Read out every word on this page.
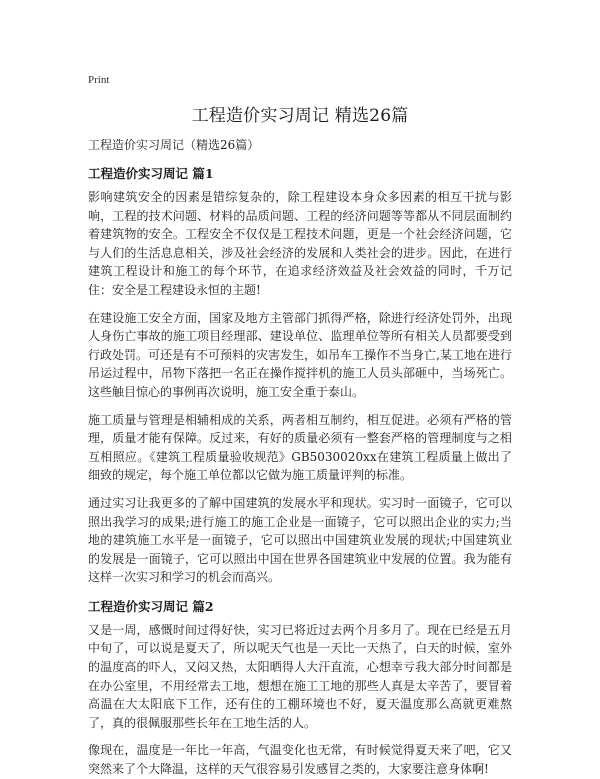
Print
工程造价实习周记 精选26篇
工程造价实习周记（精选26篇）
工程造价实习周记 篇1

影响建筑安全的因素是错综复杂的，除工程建设本身众多因素的相互干扰与影响，工程的技术问题、材料的品质问题、工程的经济问题等等都从不同层面制约着建筑物的安全。工程安全不仅仅是工程技术问题，更是一个社会经济问题，它与人们的生活息息相关，涉及社会经济的发展和人类社会的进步。因此，在进行建筑工程设计和施工的每个环节，在追求经济效益及社会效益的同时，千万记住：安全是工程建设永恒的主题!

在建设施工安全方面，国家及地方主管部门抓得严格，除进行经济处罚外，出现人身伤亡事故的施工项目经理部、建设单位、监理单位等所有相关人员都要受到行政处罚。可还是有不可预料的灾害发生，如吊车工操作不当身亡,某工地在进行吊运过程中，吊物下落把一名正在操作搅拌机的施工人员头部砸中，当场死亡。这些触目惊心的事例再次说明，施工安全重于泰山。

施工质量与管理是相辅相成的关系，两者相互制约，相互促进。必须有严格的管理，质量才能有保障。反过来，有好的质量必须有一整套严格的管理制度与之相互相照应。《建筑工程质量验收规范》GB5030020xx在建筑工程质量上做出了细致的规定，每个施工单位都以它做为施工质量评判的标准。

通过实习让我更多的了解中国建筑的发展水平和现状。实习时一面镜子，它可以照出我学习的成果;进行施工的施工企业是一面镜子，它可以照出企业的实力;当地的建筑施工水平是一面镜子，它可以照出中国建筑业发展的现状;中国建筑业的发展是一面镜子，它可以照出中国在世界各国建筑业中发展的位置。我为能有这样一次实习和学习的机会而高兴。

工程造价实习周记 篇2

又是一周，感慨时间过得好快，实习已将近过去两个月多月了。现在已经是五月中旬了，可以说是夏天了，所以呢天气也是一天比一天热了，白天的时候，室外的温度高的吓人，又闷又热，太阳晒得人大汗直流，心想幸亏我大部分时间都是在办公室里，不用经常去工地，想想在施工工地的那些人真是太辛苦了，要冒着高温在大太阳底下工作，还有住的工棚环境也不好，夏天温度那么高就更难熬了，真的很佩服那些长年在工地生活的人。

像现在，温度是一年比一年高，气温变化也无常，有时候觉得夏天来了吧，它又突然来了个大降温，这样的天气很容易引发感冒之类的，大家要注意身体啊!
